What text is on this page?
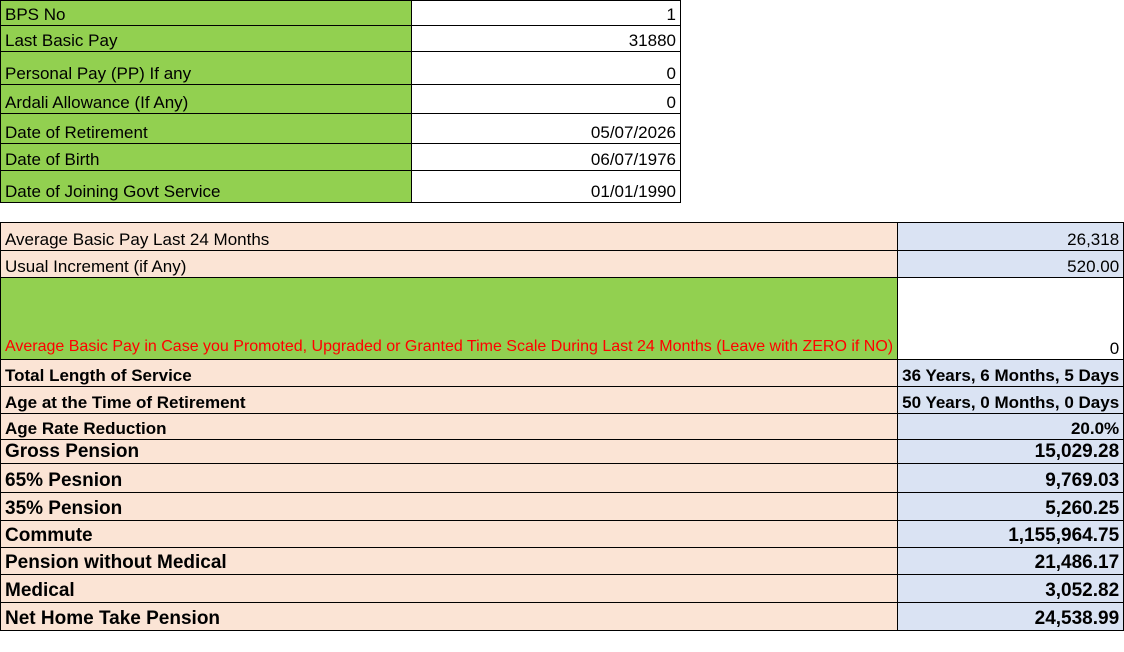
BPS No	1
Last Basic Pay	31880
Personal Pay (PP) If any	0
Ardali Allowance (If Any)	0
Date of Retirement	05/07/2026
Date of Birth	06/07/1976
Date of Joining Govt Service	01/01/1990
Average Basic Pay Last 24 Months	26,318
Usual Increment (if Any)	520.00
Average Basic Pay in Case you Promoted, Upgraded or Granted Time Scale During Last 24 Months (Leave with ZERO if NO)	0
Total Length of Service	36 Years, 6 Months, 5 Days
Age at the Time of Retirement	50 Years, 0 Months, 0 Days
Age Rate Reduction	20.0%
Gross Pension	15,029.28
65% Pesnion	9,769.03
35% Pension	5,260.25
Commute	1,155,964.75
Pension without Medical	21,486.17
Medical	3,052.82
Net Home Take Pension	24,538.99
